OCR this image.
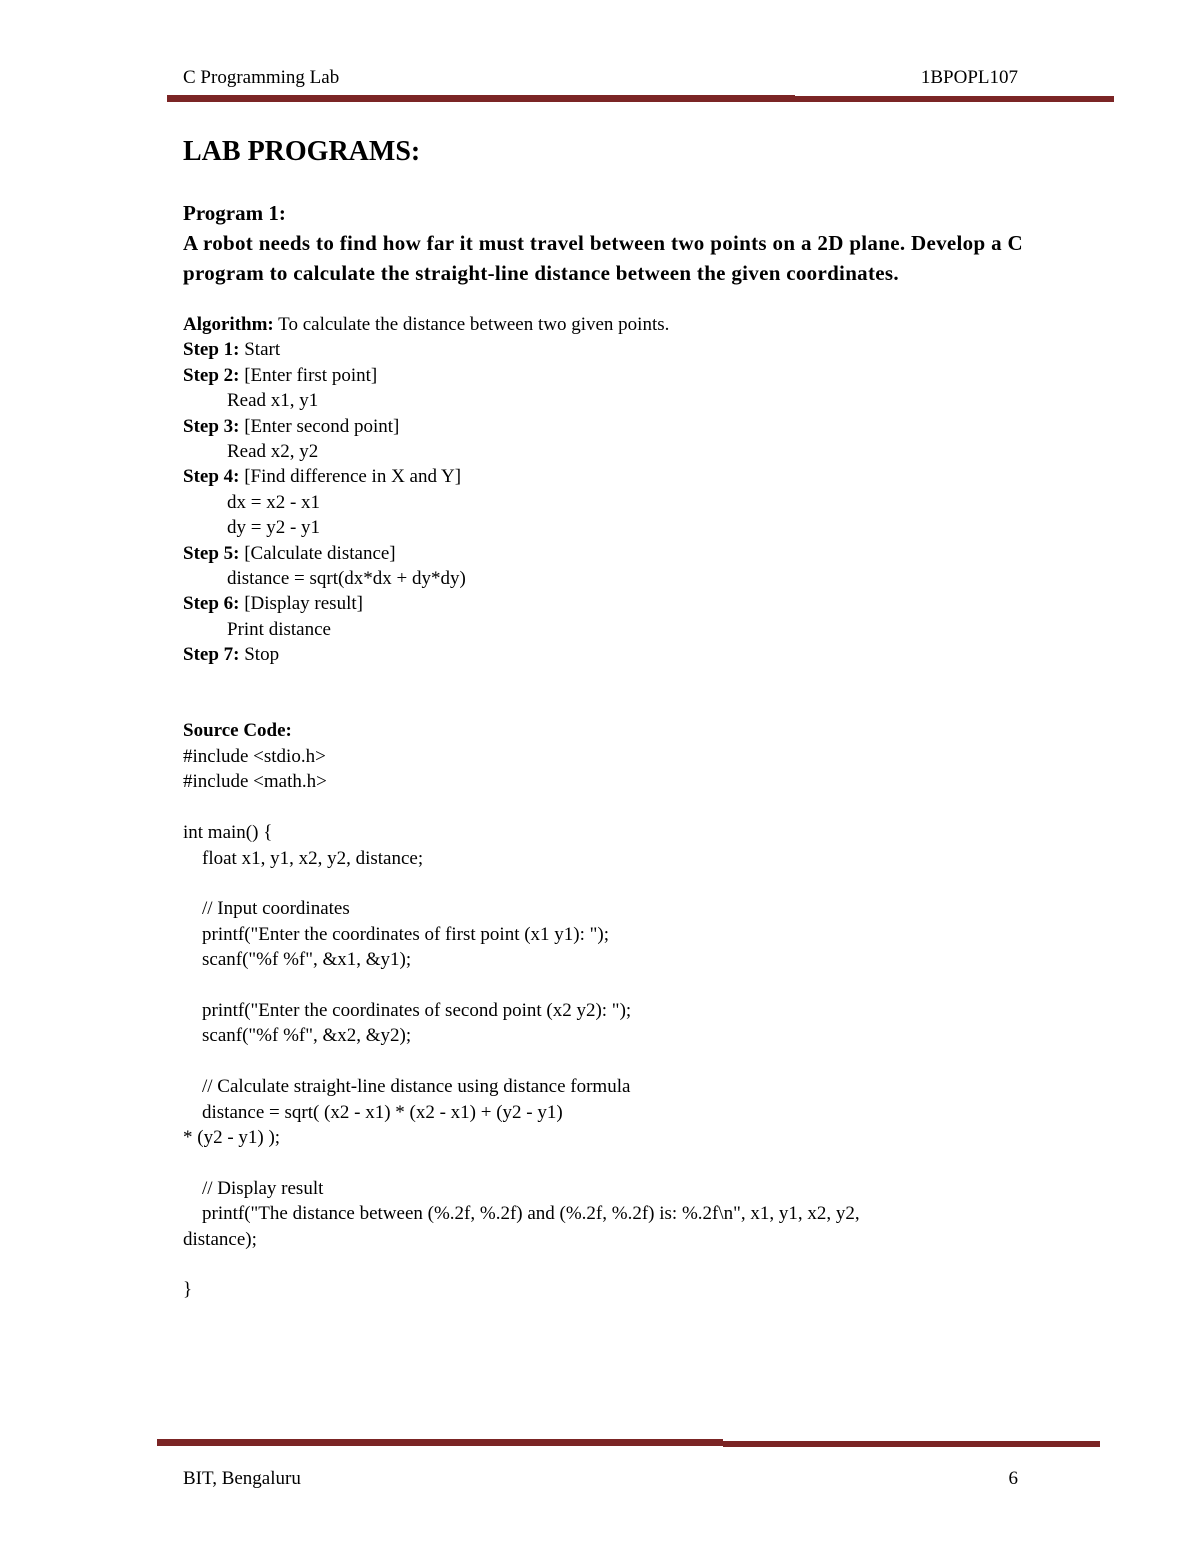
C Programming Lab	1BPOPL107
LAB PROGRAMS:
Program 1:
A robot needs to find how far it must travel between two points on a 2D plane. Develop a C program to calculate the straight-line distance between the given coordinates.
Algorithm: To calculate the distance between two given points.
Step 1: Start
Step 2: [Enter first point]
Read x1, y1
Step 3: [Enter second point]
Read x2, y2
Step 4: [Find difference in X and Y]
dx = x2 - x1
dy = y2 - y1
Step 5: [Calculate distance]
distance = sqrt(dx*dx + dy*dy)
Step 6: [Display result]
Print distance
Step 7: Stop
Source Code:
#include <stdio.h>
#include <math.h>
int main() {
float x1, y1, x2, y2, distance;
// Input coordinates
printf("Enter the coordinates of first point (x1 y1): ");
scanf("%f %f", &x1, &y1);
printf("Enter the coordinates of second point (x2 y2): ");
scanf("%f %f", &x2, &y2);
// Calculate straight-line distance using distance formula
distance = sqrt( (x2 - x1) * (x2 - x1) + (y2 - y1)
* (y2 - y1) );
// Display result
printf("The distance between (%.2f, %.2f) and (%.2f, %.2f) is: %.2f\n", x1, y1, x2, y2,
distance);
}
BIT, Bengaluru	6
